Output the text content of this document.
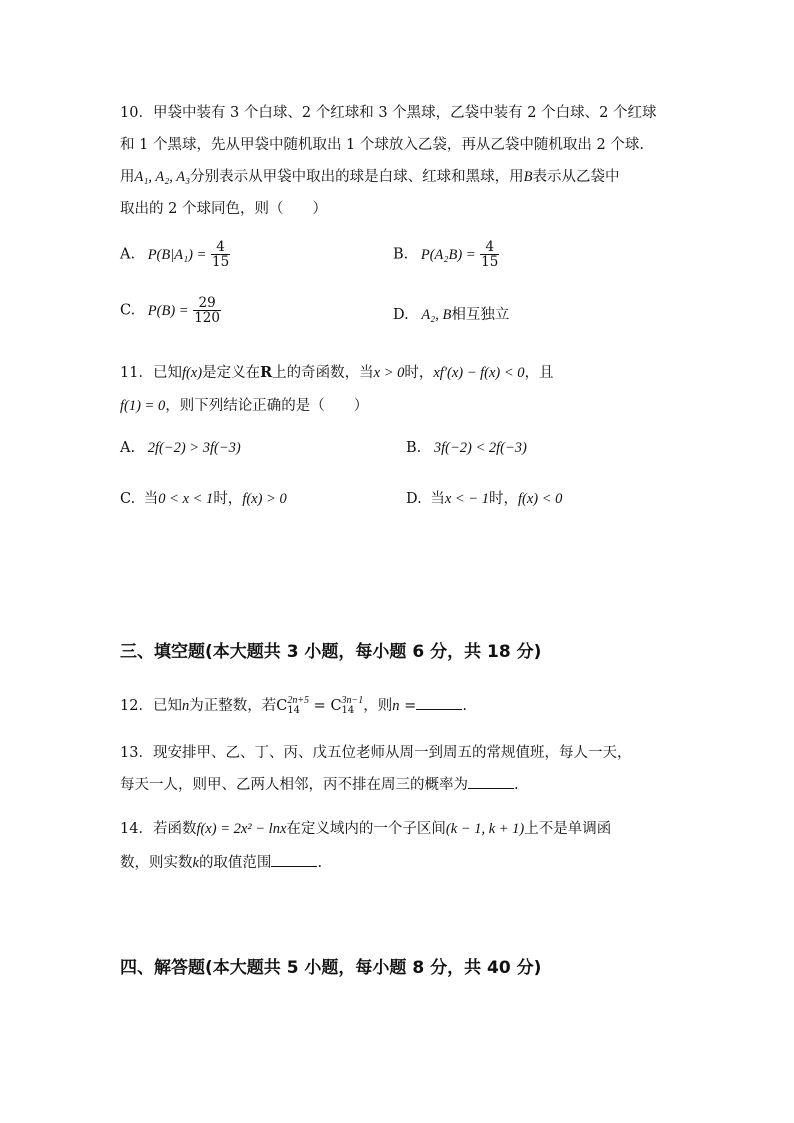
10．甲袋中装有 3 个白球、2 个红球和 3 个黑球，乙袋中装有 2 个白球、2 个红球
和 1 个黑球，先从甲袋中随机取出 1 个球放入乙袋，再从乙袋中随机取出 2 个球.
用A₁, A₂, A₃分别表示从甲袋中取出的球是白球、红球和黑球，用B表示从乙袋中
取出的 2 个球同色，则（　　）
A. $P(B|A_1) = \frac{4}{15}$	B. $P(A_2B) = \frac{4}{15}$
C. $P(B) = \frac{29}{120}$	D. A₂, B相互独立
11．已知f(x)是定义在R上的奇函数，当x > 0时，xf′(x) − f(x) < 0，且
f(1) = 0，则下列结论正确的是（　　）
A. 2f(−2) > 3f(−3)	B. 3f(−2) < 2f(−3)
C. 当0 < x < 1时，f(x) > 0	D. 当x < − 1时，f(x) < 0
三、填空题(本大题共 3 小题，每小题 6 分，共 18 分)
12．已知n为正整数，若C 2n+5
14 = C 3n−1
14 ，则n =	.
13．现安排甲、乙、丁、丙、戊五位老师从周一到周五的常规值班，每人一天，
每天一人，则甲、乙两人相邻，丙不排在周三的概率为	.
14．若函数f(x) = 2x² − lnx在定义域内的一个子区间(k − 1, k + 1)上不是单调函
数，则实数k的取值范围	.
四、解答题(本大题共 5 小题，每小题 8 分，共 40 分)
